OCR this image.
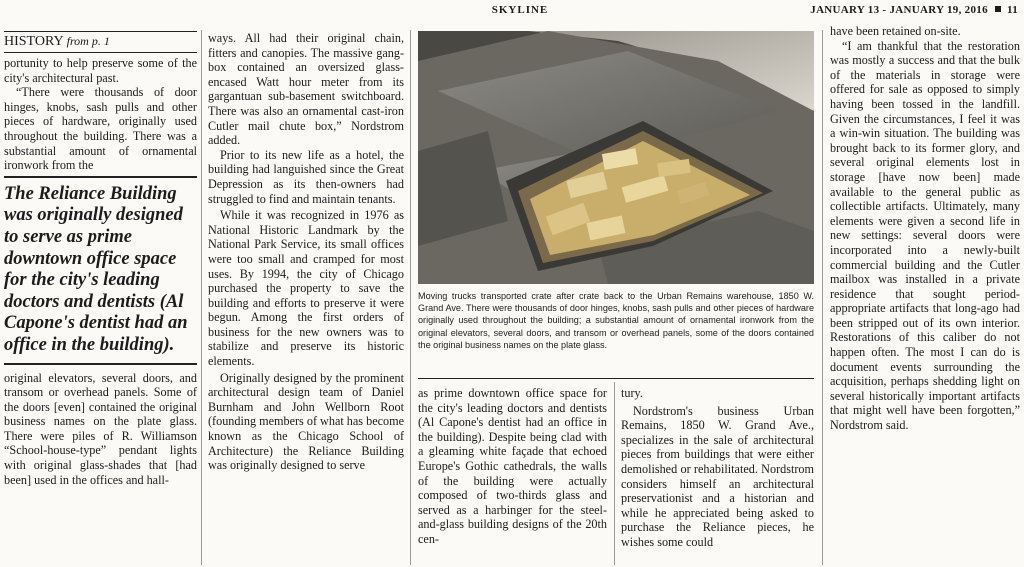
SKYLINE	JANUARY 13 - JANUARY 19, 2016 11
HISTORY from p. 1

portunity to help preserve some of the city's architectural past.

“There were thousands of door hinges, knobs, sash pulls and other pieces of hardware, originally used throughout the building. There was a substantial amount of ornamental ironwork from the

The Reliance Building was originally designed to serve as prime downtown office space for the city's leading doctors and dentists (Al Capone's dentist had an office in the building).

original elevators, several doors, and transom or overhead panels. Some of the doors [even] contained the original business names on the plate glass. There were piles of R. Williamson “School-house-type” pendant lights with original glass-shades that [had been] used in the offices and hall-

ways. All had their original chain, fitters and canopies. The massive gang-box contained an oversized glass-encased Watt hour meter from its gargantuan sub-basement switchboard. There was also an ornamental cast-iron Cutler mail chute box,” Nordstrom added.

Prior to its new life as a hotel, the building had languished since the Great Depression as its then-owners had struggled to find and maintain tenants.

While it was recognized in 1976 as National Historic Landmark by the National Park Service, its small offices were too small and cramped for most uses. By 1994, the city of Chicago purchased the property to save the building and efforts to preserve it were begun. Among the first orders of business for the new owners was to stabilize and preserve its historic elements.

Originally designed by the prominent architectural design team of Daniel Burnham and John Wellborn Root (founding members of what has become known as the Chicago School of Architecture) the Reliance Building was originally designed to serve

Moving trucks transported crate after crate back to the Urban Remains warehouse, 1850 W. Grand Ave. There were thousands of door hinges, knobs, sash pulls and other pieces of hardware originally used throughout the building; a substantial amount of ornamental ironwork from the original elevators, several doors, and transom or overhead panels, some of the doors contained the original business names on the plate glass.

as prime downtown office space for the city's leading doctors and dentists (Al Capone's dentist had an office in the building). Despite being clad with a gleaming white façade that echoed Europe's Gothic cathedrals, the walls of the building were actually composed of two-thirds glass and served as a harbinger for the steel-and-glass building designs of the 20th cen-

tury.

Nordstrom's business Urban Remains, 1850 W. Grand Ave., specializes in the sale of architectural pieces from buildings that were either demolished or rehabilitated. Nordstrom considers himself an architectural preservationist and a historian and while he appreciated being asked to purchase the Reliance pieces, he wishes some could

have been retained on-site.

“I am thankful that the restoration was mostly a success and that the bulk of the materials in storage were offered for sale as opposed to simply having been tossed in the landfill. Given the circumstances, I feel it was a win-win situation. The building was brought back to its former glory, and several original elements lost in storage [have now been] made available to the general public as collectible artifacts. Ultimately, many elements were given a second life in new settings: several doors were incorporated into a newly-built commercial building and the Cutler mailbox was installed in a private residence that sought period-appropriate artifacts that long-ago had been stripped out of its own interior. Restorations of this caliber do not happen often. The most I can do is document events surrounding the acquisition, perhaps shedding light on several historically important artifacts that might well have been forgotten,” Nordstrom said.
